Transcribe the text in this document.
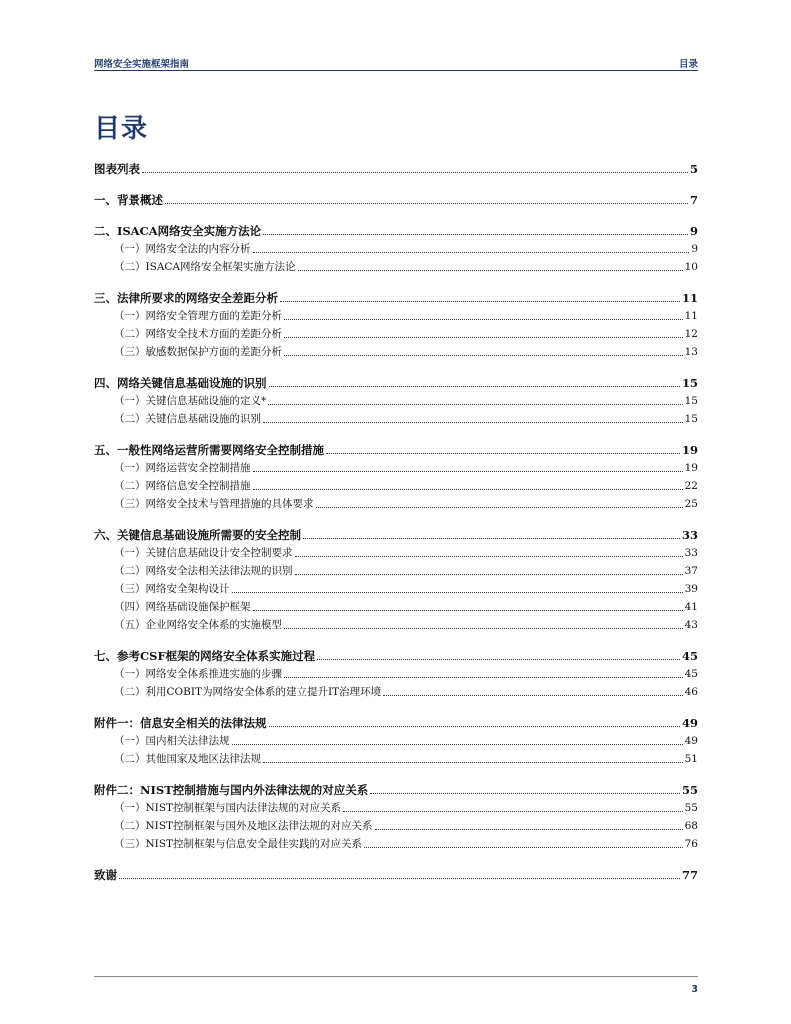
网络安全实施框架指南	目录
目录
图表列表	5
一、背景概述	7
二、ISACA网络安全实施方法论	9
（一）网络安全法的内容分析	9
（二）ISACA网络安全框架实施方法论	10
三、法律所要求的网络安全差距分析	11
（一）网络安全管理方面的差距分析	11
（二）网络安全技术方面的差距分析	12
（三）敏感数据保护方面的差距分析	13
四、网络关键信息基础设施的识别	15
（一）关键信息基础设施的定义*	15
（二）关键信息基础设施的识别	15
五、一般性网络运营所需要网络安全控制措施	19
（一）网络运营安全控制措施	19
（二）网络信息安全控制措施	22
（三）网络安全技术与管理措施的具体要求	25
六、关键信息基础设施所需要的安全控制	33
（一）关键信息基础设计安全控制要求	33
（二）网络安全法相关法律法规的识别	37
（三）网络安全架构设计	39
（四）网络基础设施保护框架	41
（五）企业网络安全体系的实施模型	43
七、参考CSF框架的网络安全体系实施过程	45
（一）网络安全体系推进实施的步骤	45
（二）利用COBIT为网络安全体系的建立提升IT治理环境	46
附件一：信息安全相关的法律法规	49
（一）国内相关法律法规	49
（二）其他国家及地区法律法规	51
附件二：NIST控制措施与国内外法律法规的对应关系	55
（一）NIST控制框架与国内法律法规的对应关系	55
（二）NIST控制框架与国外及地区法律法规的对应关系	68
（三）NIST控制框架与信息安全最佳实践的对应关系	76
致谢	77
3
